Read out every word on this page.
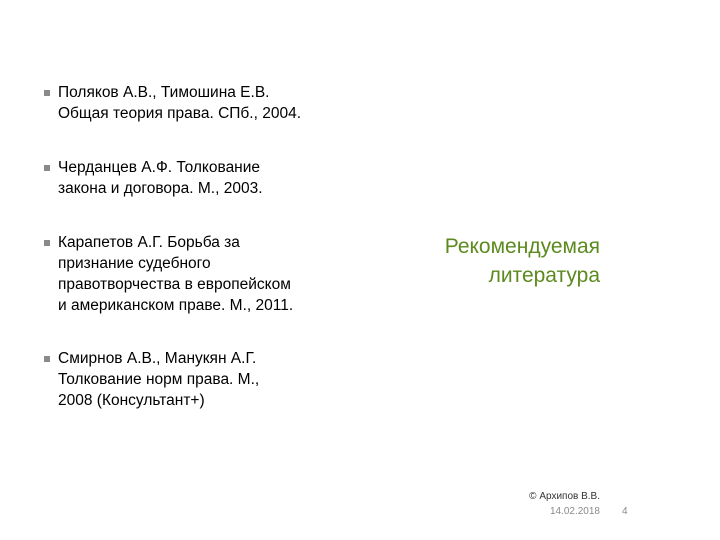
Поляков А.В., Тимошина Е.В.
Общая теория права. СПб., 2004.
Черданцев А.Ф. Толкование
закона и договора. М., 2003.
Карапетов А.Г. Борьба за
признание судебного
правотворчества в европейском
и американском праве. М., 2011.
Смирнов А.В., Манукян А.Г.
Толкование норм права. М.,
2008 (Консультант+)
Рекомендуемая
литература
© Архипов В.В.
14.02.2018 4
